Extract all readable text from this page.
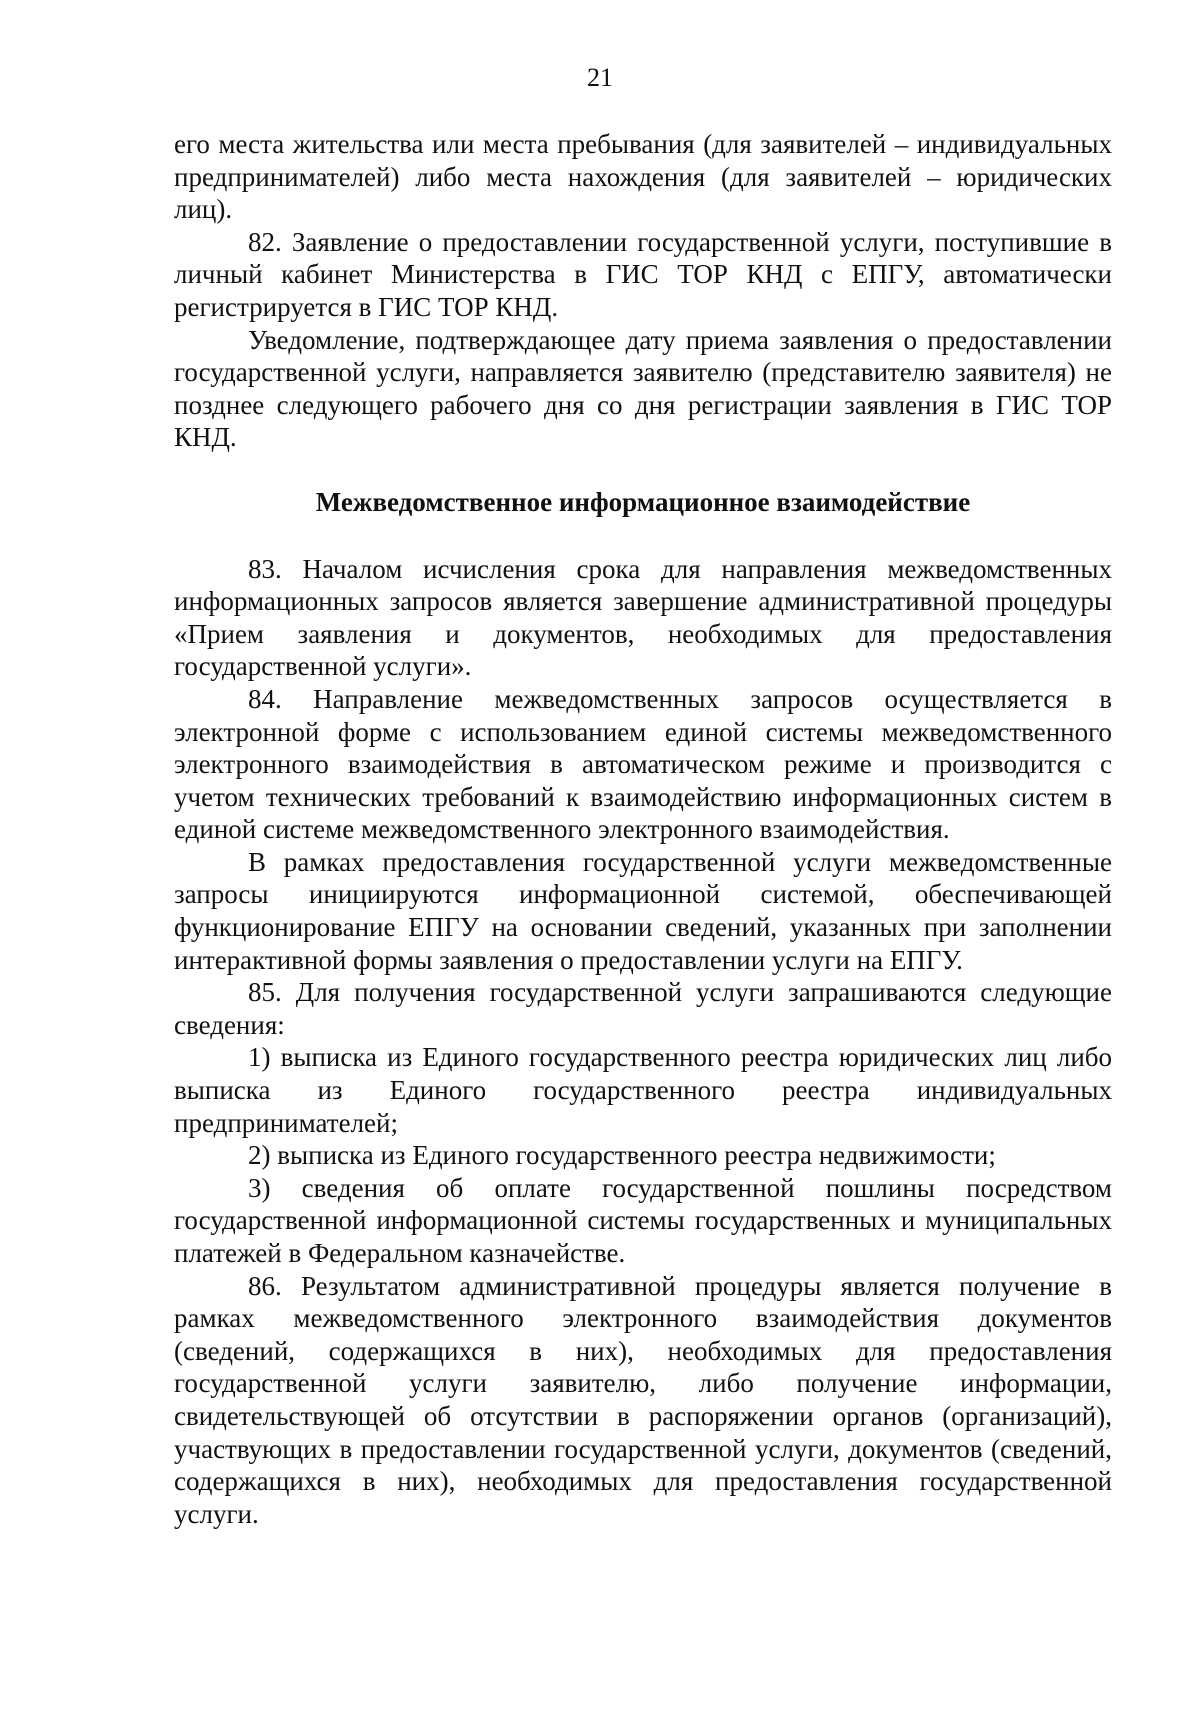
21

его места жительства или места пребывания (для заявителей – индивидуальных предпринимателей) либо места нахождения (для заявителей – юридических лиц).

82. Заявление о предоставлении государственной услуги, поступившие в личный кабинет Министерства в ГИС ТОР КНД с ЕПГУ, автоматически регистрируется в ГИС ТОР КНД.

Уведомление, подтверждающее дату приема заявления о предоставлении государственной услуги, направляется заявителю (представителю заявителя) не позднее следующего рабочего дня со дня регистрации заявления в ГИС ТОР КНД.

Межведомственное информационное взаимодействие

83. Началом исчисления срока для направления межведомственных информационных запросов является завершение административной процедуры «Прием заявления и документов, необходимых для предоставления государственной услуги».

84. Направление межведомственных запросов осуществляется в электронной форме с использованием единой системы межведомственного электронного взаимодействия в автоматическом режиме и производится с учетом технических требований к взаимодействию информационных систем в единой системе межведомственного электронного взаимодействия.

В рамках предоставления государственной услуги межведомственные запросы инициируются информационной системой, обеспечивающей функционирование ЕПГУ на основании сведений, указанных при заполнении интерактивной формы заявления о предоставлении услуги на ЕПГУ.

85. Для получения государственной услуги запрашиваются следующие сведения:

1) выписка из Единого государственного реестра юридических лиц либо выписка из Единого государственного реестра индивидуальных предпринимателей;

2) выписка из Единого государственного реестра недвижимости;

3) сведения об оплате государственной пошлины посредством государственной информационной системы государственных и муниципальных платежей в Федеральном казначействе.

86. Результатом административной процедуры является получение в рамках межведомственного электронного взаимодействия документов (сведений, содержащихся в них), необходимых для предоставления государственной услуги заявителю, либо получение информации, свидетельствующей об отсутствии в распоряжении органов (организаций), участвующих в предоставлении государственной услуги, документов (сведений, содержащихся в них), необходимых для предоставления государственной услуги.
